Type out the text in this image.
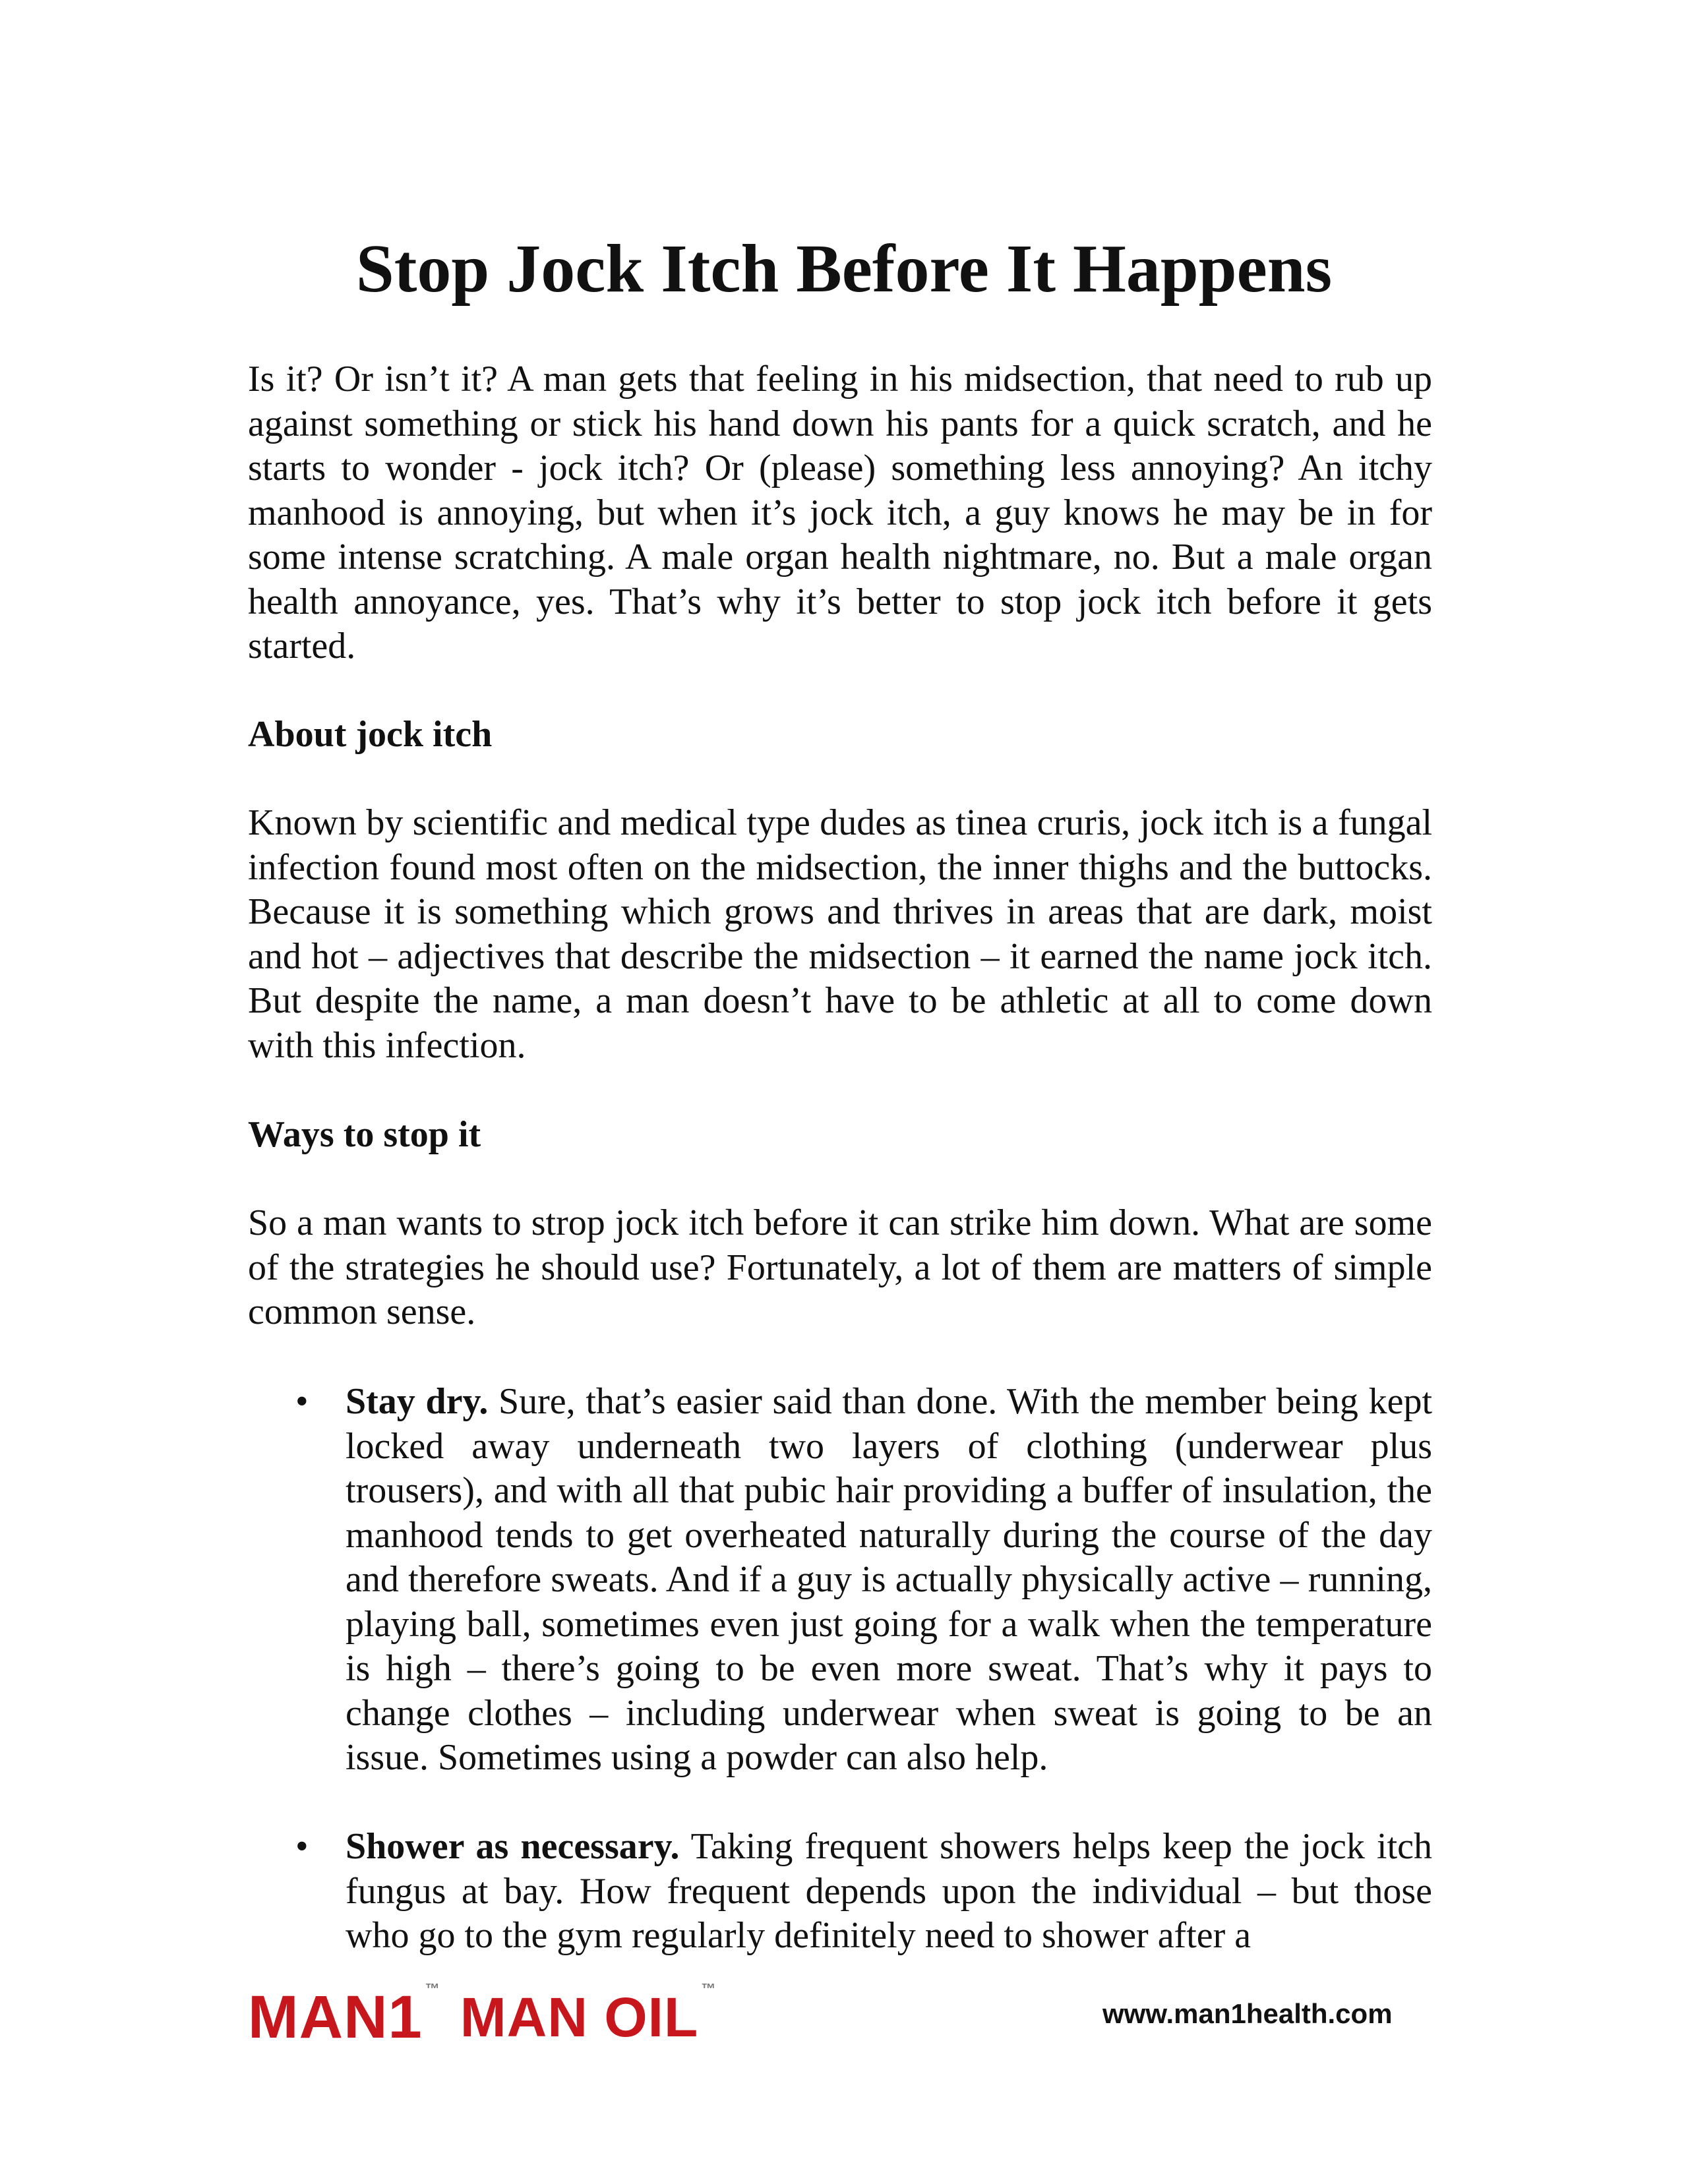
Stop Jock Itch Before It Happens

Is it? Or isn’t it? A man gets that feeling in his midsection, that need to rub up against something or stick his hand down his pants for a quick scratch, and he starts to wonder - jock itch? Or (please) something less annoying? An itchy manhood is annoying, but when it’s jock itch, a guy knows he may be in for some intense scratching. A male organ health nightmare, no. But a male organ health annoyance, yes. That’s why it’s better to stop jock itch before it gets started.

About jock itch

Known by scientific and medical type dudes as tinea cruris, jock itch is a fungal infection found most often on the midsection, the inner thighs and the buttocks. Because it is something which grows and thrives in areas that are dark, moist and hot – adjectives that describe the midsection – it earned the name jock itch. But despite the name, a man doesn’t have to be athletic at all to come down with this infection.

Ways to stop it

So a man wants to strop jock itch before it can strike him down. What are some of the strategies he should use? Fortunately, a lot of them are matters of simple common sense.

• Stay dry. Sure, that’s easier said than done. With the member being kept locked away underneath two layers of clothing (underwear plus trousers), and with all that pubic hair providing a buffer of insulation, the manhood tends to get overheated naturally during the course of the day and therefore sweats. And if a guy is actually physically active – running, playing ball, sometimes even just going for a walk when the temperature is high – there’s going to be even more sweat. That’s why it pays to change clothes – including underwear when sweat is going to be an issue. Sometimes using a powder can also help.

• Shower as necessary. Taking frequent showers helps keep the jock itch fungus at bay. How frequent depends upon the individual – but those who go to the gym regularly definitely need to shower after a

MAN1 ™ MAN OIL ™
www.man1health.com
